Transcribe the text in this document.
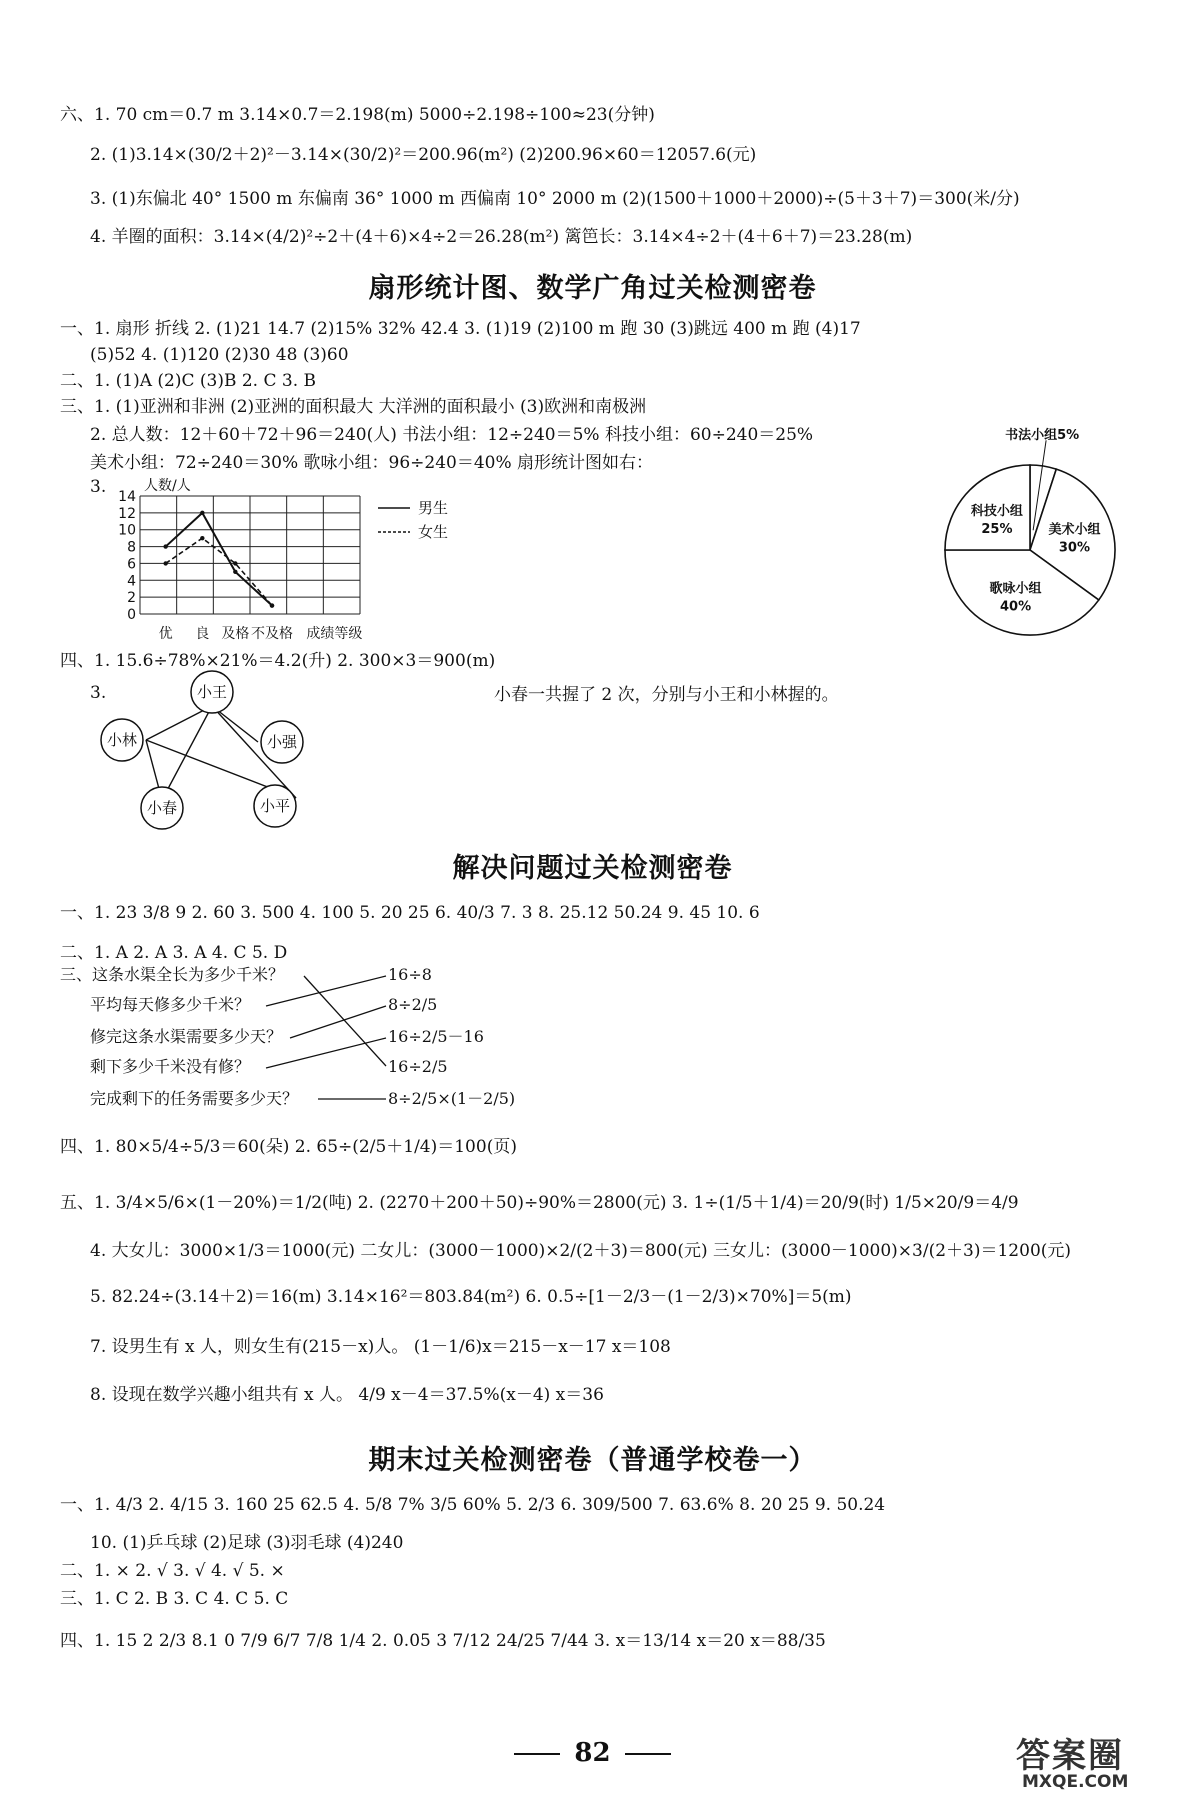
六、1. 70 cm＝0.7 m 3.14×0.7＝2.198(m) 5000÷2.198÷100≈23(分钟)
2. (1)3.14×(30/2＋2)²－3.14×(30/2)²＝200.96(m²) (2)200.96×60＝12057.6(元)
3. (1)东偏北 40° 1500 m 东偏南 36° 1000 m 西偏南 10° 2000 m (2)(1500＋1000＋2000)÷(5＋3＋7)＝300(米/分)
4. 羊圈的面积：3.14×(4/2)²÷2＋(4＋6)×4÷2＝26.28(m²) 篱笆长：3.14×4÷2＋(4＋6＋7)＝23.28(m)
扇形统计图、数学广角过关检测密卷
一、1. 扇形 折线 2. (1)21 14.7 (2)15% 32% 42.4 3. (1)19 (2)100 m 跑 30 (3)跳远 400 m 跑 (4)17
(5)52 4. (1)120 (2)30 48 (3)60
二、1. (1)A (2)C (3)B 2. C 3. B
三、1. (1)亚洲和非洲 (2)亚洲的面积最大 大洋洲的面积最小 (3)欧洲和南极洲
2. 总人数：12＋60＋72＋96＝240(人) 书法小组：12÷240＝5% 科技小组：60÷240＝25%
美术小组：72÷240＝30% 歌咏小组：96÷240＝40% 扇形统计图如右：
3.
0
2
4
6
8
10
12
14
人数/人
优 良 及格 不及格 成绩等级
男生
女生
书法小组5%
美术小组
30%
歌咏小组
40%
科技小组
25%
四、1. 15.6÷78%×21%＝4.2(升) 2. 300×3＝900(m)
3.	小春一共握了 2 次，分别与小王和小林握的。
小王
小林	小强
小春	小平
解决问题过关检测密卷
一、1. 23 3/8 9 2. 60 3. 500 4. 100 5. 20 25 6. 40/3 7. 3 8. 25.12 50.24 9. 45 10. 6
二、1. A 2. A 3. A 4. C 5. D
三、这条水渠全长为多少千米？
平均每天修多少千米？
修完这条水渠需要多少天？
剩下多少千米没有修？
完成剩下的任务需要多少天？
16÷8
8÷2/5
16÷2/5－16
16÷2/5
8÷2/5×(1－2/5)
四、1. 80×5/4÷5/3＝60(朵) 2. 65÷(2/5＋1/4)＝100(页)
五、1. 3/4×5/6×(1－20%)＝1/2(吨) 2. (2270＋200＋50)÷90%＝2800(元) 3. 1÷(1/5＋1/4)＝20/9(时) 1/5×20/9＝4/9
4. 大女儿：3000×1/3＝1000(元) 二女儿：(3000－1000)×2/(2＋3)＝800(元) 三女儿：(3000－1000)×3/(2＋3)＝1200(元)
5. 82.24÷(3.14＋2)＝16(m) 3.14×16²＝803.84(m²) 6. 0.5÷[1－2/3－(1－2/3)×70%]＝5(m)
7. 设男生有 x 人，则女生有(215－x)人。 (1－1/6)x＝215－x－17 x＝108
8. 设现在数学兴趣小组共有 x 人。 4/9 x－4＝37.5%(x－4) x＝36
期末过关检测密卷（普通学校卷一）
一、1. 4/3 2. 4/15 3. 160 25 62.5 4. 5/8 7% 3/5 60% 5. 2/3 6. 309/500 7. 63.6% 8. 20 25 9. 50.24
10. (1)乒乓球 (2)足球 (3)羽毛球 (4)240
二、1. × 2. √ 3. √ 4. √ 5. ×
三、1. C 2. B 3. C 4. C 5. C
四、1. 15 2 2/3 8.1 0 7/9 6/7 7/8 1/4 2. 0.05 3 7/12 24/25 7/44 3. x＝13/14 x＝20 x＝88/35
82	答案圈
MXQE.COM
